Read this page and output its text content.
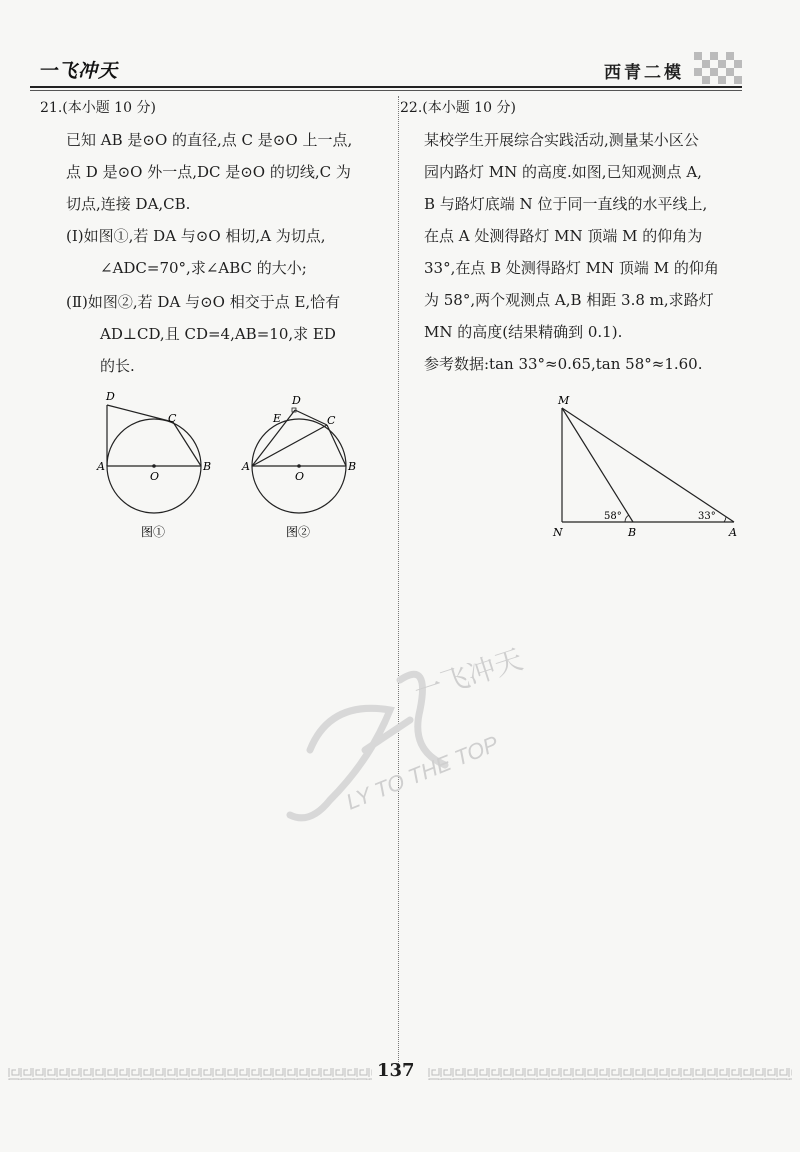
一飞冲天	西青二模
21.(本小题 10 分)
已知 AB 是⊙O 的直径,点 C 是⊙O 上一点,
点 D 是⊙O 外一点,DC 是⊙O 的切线,C 为
切点,连接 DA,CB.
(Ⅰ)如图①,若 DA 与⊙O 相切,A 为切点,
∠ADC=70°,求∠ABC 的大小;
(Ⅱ)如图②,若 DA 与⊙O 相交于点 E,恰有
AD⊥CD,且 CD=4,AB=10,求 ED
的长.
D
C
A
O
B
图①
D
E	C
A
O
B
图②
22.(本小题 10 分)
某校学生开展综合实践活动,测量某小区公
园内路灯 MN 的高度.如图,已知观测点 A,
B 与路灯底端 N 位于同一直线的水平线上,
在点 A 处测得路灯 MN 顶端 M 的仰角为
33°,在点 B 处测得路灯 MN 顶端 M 的仰角
为 58°,两个观测点 A,B 相距 3.8 m,求路灯
MN 的高度(结果精确到 0.1).
参考数据:tan 33°≈0.65,tan 58°≈1.60.
M
N	B	A
58°	33°
一飞冲天
LY TO THE TOP
137
